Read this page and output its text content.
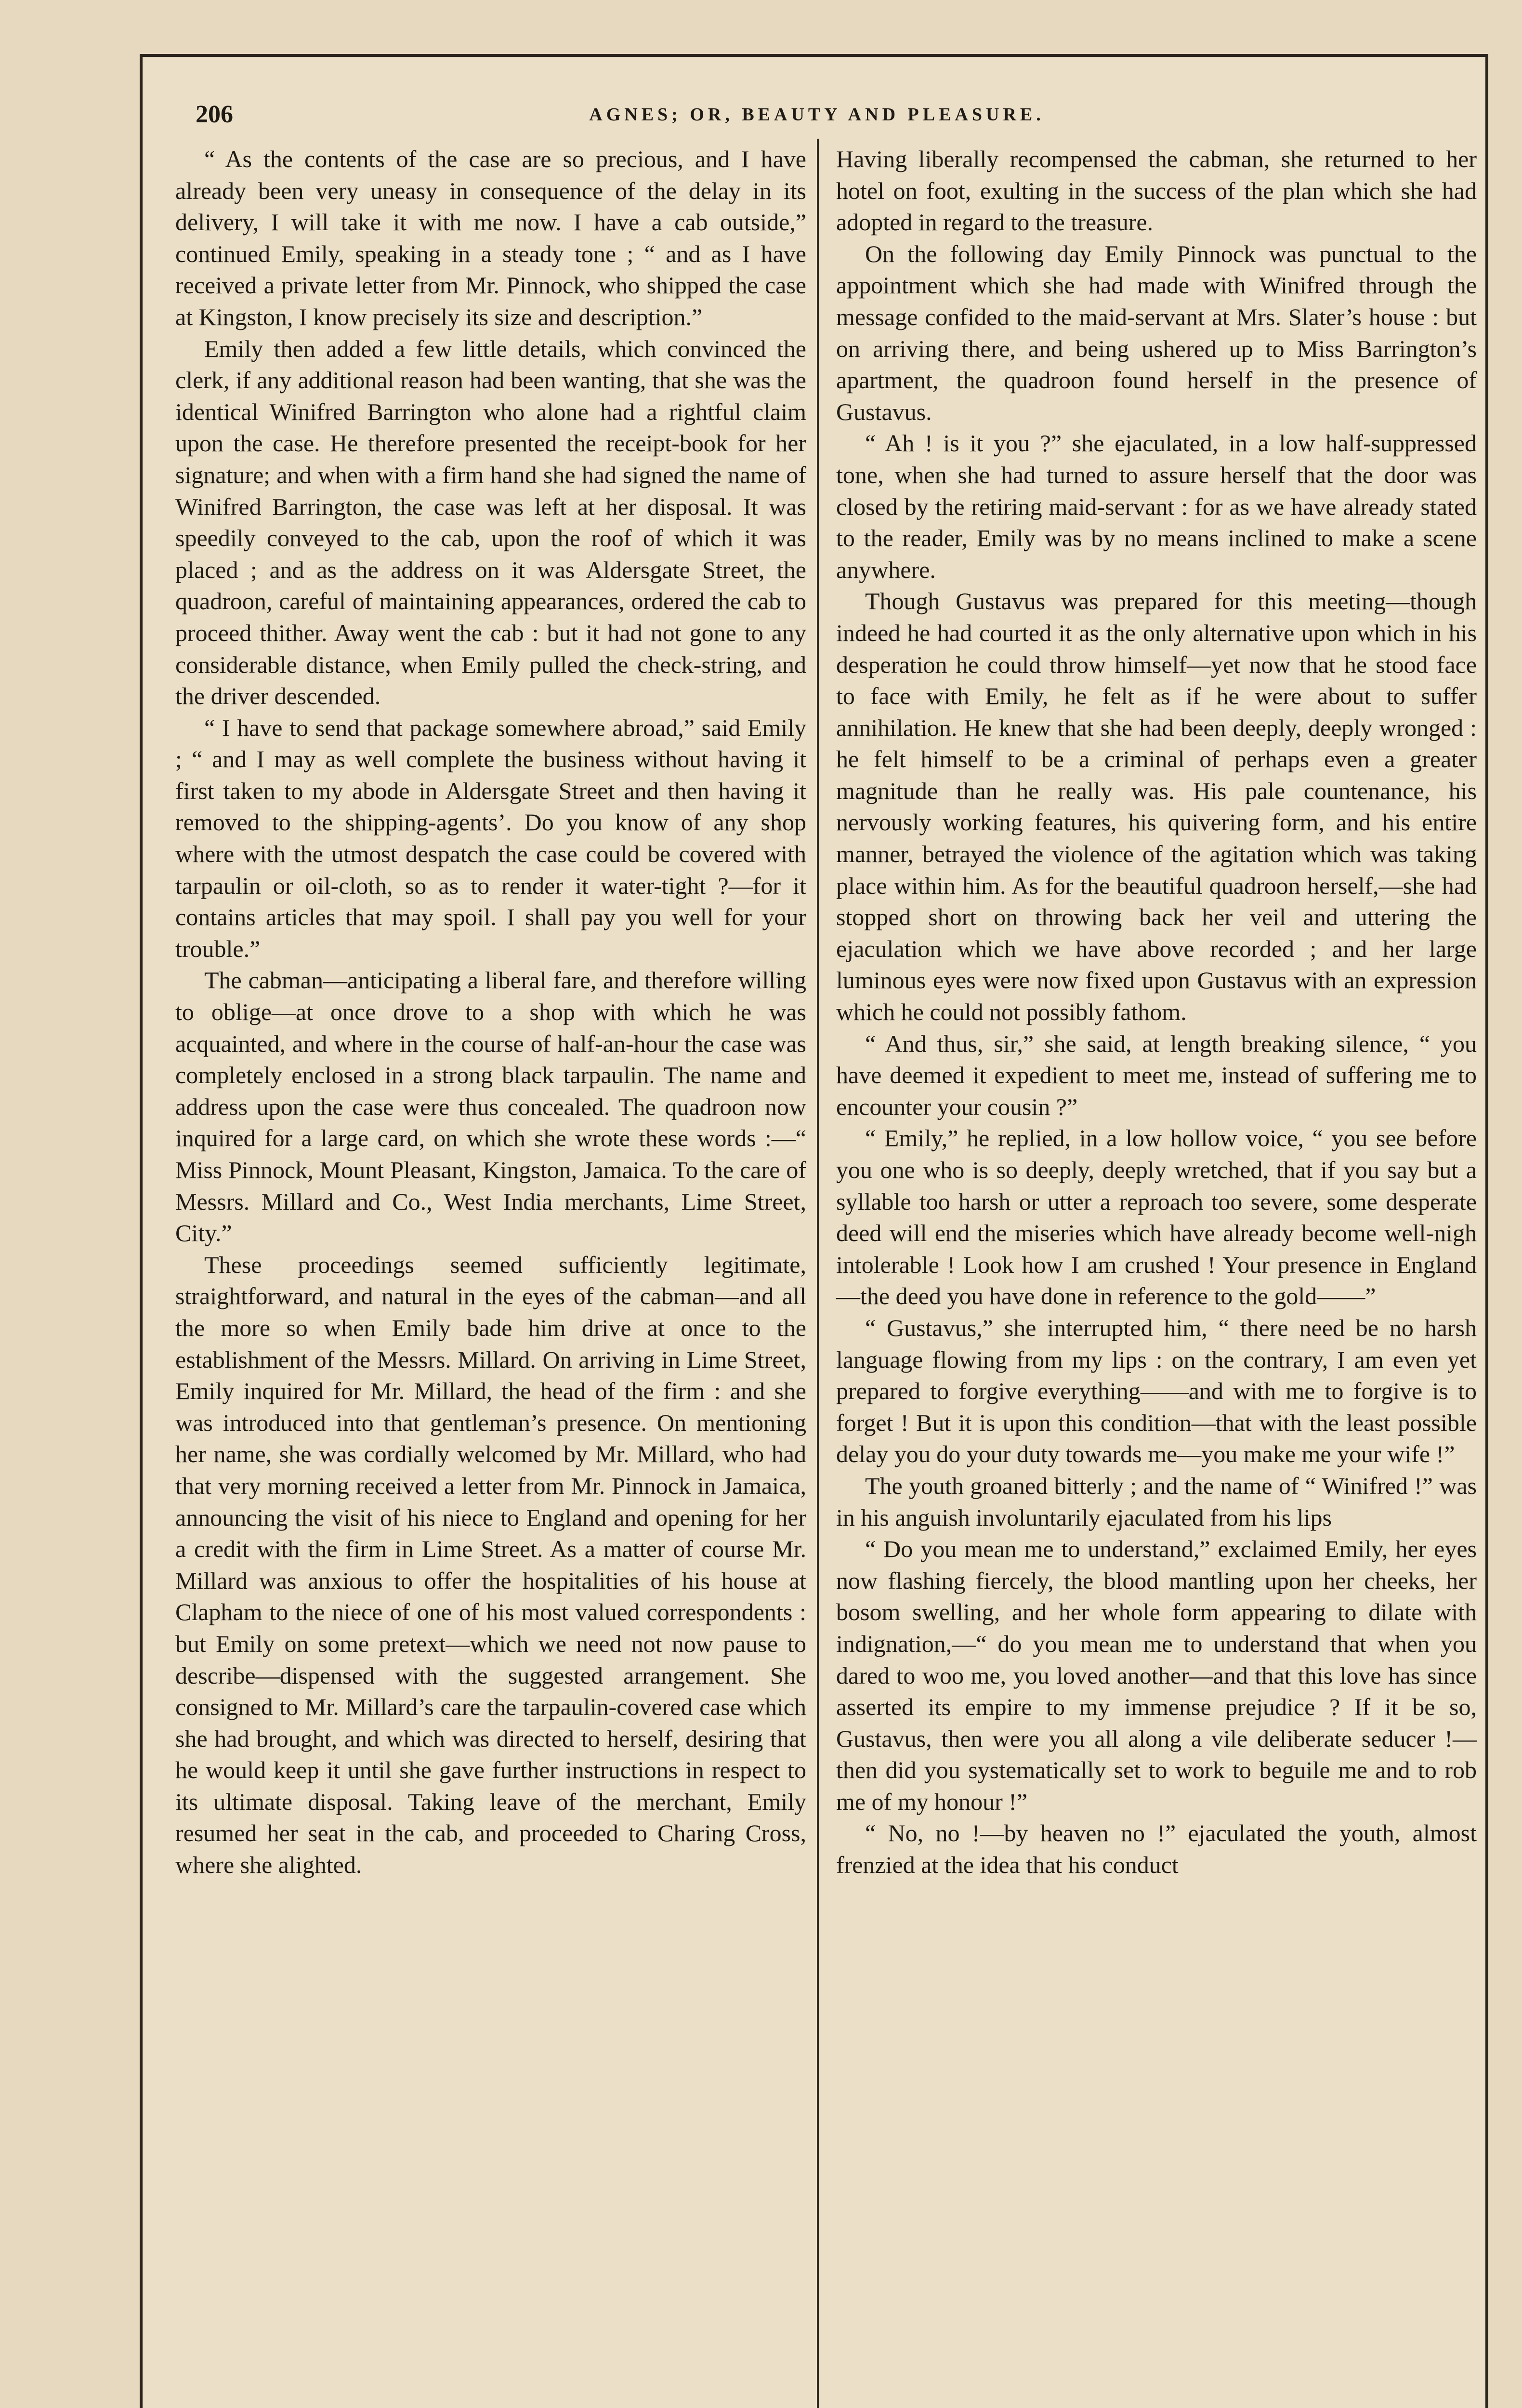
206	AGNES; OR, BEAUTY AND PLEASURE.

“ As the contents of the case are so precious, and I have already been very uneasy in consequence of the delay in its delivery, I will take it with me now. I have a cab outside,” continued Emily, speaking in a steady tone ; “ and as I have received a private letter from Mr. Pinnock, who shipped the case at Kingston, I know precisely its size and description.”

Emily then added a few little details, which convinced the clerk, if any additional reason had been wanting, that she was the identical Winifred Barrington who alone had a rightful claim upon the case. He therefore presented the receipt-book for her signature; and when with a firm hand she had signed the name of Winifred Barrington, the case was left at her disposal. It was speedily conveyed to the cab, upon the roof of which it was placed ; and as the address on it was Aldersgate Street, the quadroon, careful of maintaining appearances, ordered the cab to proceed thither. Away went the cab : but it had not gone to any considerable distance, when Emily pulled the check-string, and the driver descended.

“ I have to send that package somewhere abroad,” said Emily ; “ and I may as well complete the business without having it first taken to my abode in Aldersgate Street and then having it removed to the shipping-agents’. Do you know of any shop where with the utmost despatch the case could be covered with tarpaulin or oil-cloth, so as to render it water-tight ?—for it contains articles that may spoil. I shall pay you well for your trouble.”

The cabman—anticipating a liberal fare, and therefore willing to oblige—at once drove to a shop with which he was acquainted, and where in the course of half-an-hour the case was completely enclosed in a strong black tarpaulin. The name and address upon the case were thus concealed. The quadroon now inquired for a large card, on which she wrote these words :—“ Miss Pinnock, Mount Pleasant, Kingston, Jamaica. To the care of Messrs. Millard and Co., West India merchants, Lime Street, City.”

These proceedings seemed sufficiently legitimate, straightforward, and natural in the eyes of the cabman—and all the more so when Emily bade him drive at once to the establishment of the Messrs. Millard. On arriving in Lime Street, Emily inquired for Mr. Millard, the head of the firm : and she was introduced into that gentleman’s presence. On mentioning her name, she was cordially welcomed by Mr. Millard, who had that very morning received a letter from Mr. Pinnock in Jamaica, announcing the visit of his niece to England and opening for her a credit with the firm in Lime Street. As a matter of course Mr. Millard was anxious to offer the hospitalities of his house at Clapham to the niece of one of his most valued correspondents : but Emily on some pretext—which we need not now pause to describe—dispensed with the suggested arrangement. She consigned to Mr. Millard’s care the tarpaulin-covered case which she had brought, and which was directed to herself, desiring that he would keep it until she gave further instructions in respect to its ultimate disposal. Taking leave of the merchant, Emily resumed her seat in the cab, and proceeded to Charing Cross, where she alighted.

Having liberally recompensed the cabman, she returned to her hotel on foot, exulting in the success of the plan which she had adopted in regard to the treasure.

On the following day Emily Pinnock was punctual to the appointment which she had made with Winifred through the message confided to the maid-servant at Mrs. Slater’s house : but on arriving there, and being ushered up to Miss Barrington’s apartment, the quadroon found herself in the presence of Gustavus.

“ Ah ! is it you ?” she ejaculated, in a low half-suppressed tone, when she had turned to assure herself that the door was closed by the retiring maid-servant : for as we have already stated to the reader, Emily was by no means inclined to make a scene anywhere.

Though Gustavus was prepared for this meeting—though indeed he had courted it as the only alternative upon which in his desperation he could throw himself—yet now that he stood face to face with Emily, he felt as if he were about to suffer annihilation. He knew that she had been deeply, deeply wronged : he felt himself to be a criminal of perhaps even a greater magnitude than he really was. His pale countenance, his nervously working features, his quivering form, and his entire manner, betrayed the violence of the agitation which was taking place within him. As for the beautiful quadroon herself,—she had stopped short on throwing back her veil and uttering the ejaculation which we have above recorded ; and her large luminous eyes were now fixed upon Gustavus with an expression which he could not possibly fathom.

“ And thus, sir,” she said, at length breaking silence, “ you have deemed it expedient to meet me, instead of suffering me to encounter your cousin ?”

“ Emily,” he replied, in a low hollow voice, “ you see before you one who is so deeply, deeply wretched, that if you say but a syllable too harsh or utter a reproach too severe, some desperate deed will end the miseries which have already become well-nigh intolerable ! Look how I am crushed ! Your presence in England—the deed you have done in reference to the gold——”

“ Gustavus,” she interrupted him, “ there need be no harsh language flowing from my lips : on the contrary, I am even yet prepared to forgive everything——and with me to forgive is to forget ! But it is upon this condition—that with the least possible delay you do your duty towards me—you make me your wife !”

The youth groaned bitterly ; and the name of “ Winifred !” was in his anguish involuntarily ejaculated from his lips

“ Do you mean me to understand,” exclaimed Emily, her eyes now flashing fiercely, the blood mantling upon her cheeks, her bosom swelling, and her whole form appearing to dilate with indignation,—“ do you mean me to understand that when you dared to woo me, you loved another—and that this love has since asserted its empire to my immense prejudice ? If it be so, Gustavus, then were you all along a vile deliberate seducer !—then did you systematically set to work to beguile me and to rob me of my honour !”

“ No, no !—by heaven no !” ejaculated the youth, almost frenzied at the idea that his conduct
